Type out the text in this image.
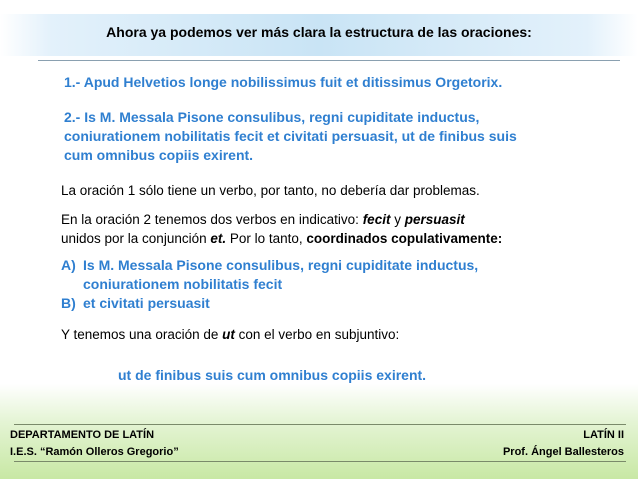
Ahora ya podemos ver más clara la estructura de las oraciones:
1.- Apud Helvetios longe nobilissimus fuit et ditissimus Orgetorix.
2.- Is M. Messala Pisone consulibus, regni cupiditate inductus,
coniurationem nobilitatis fecit et civitati persuasit, ut de finibus suis
cum omnibus copiis exirent.
La oración 1 sólo tiene un verbo, por tanto, no debería dar problemas.
En la oración 2 tenemos dos verbos en indicativo: fecit y persuasit
unidos por la conjunción et. Por lo tanto, coordinados copulativamente:
A) Is M. Messala Pisone consulibus, regni cupiditate inductus,
coniurationem nobilitatis fecit
B) et civitati persuasit
Y tenemos una oración de ut con el verbo en subjuntivo:
ut de finibus suis cum omnibus copiis exirent.
DEPARTAMENTO DE LATÍN
I.E.S. “Ramón Olleros Gregorio”
LATÍN II
Prof. Ángel Ballesteros
